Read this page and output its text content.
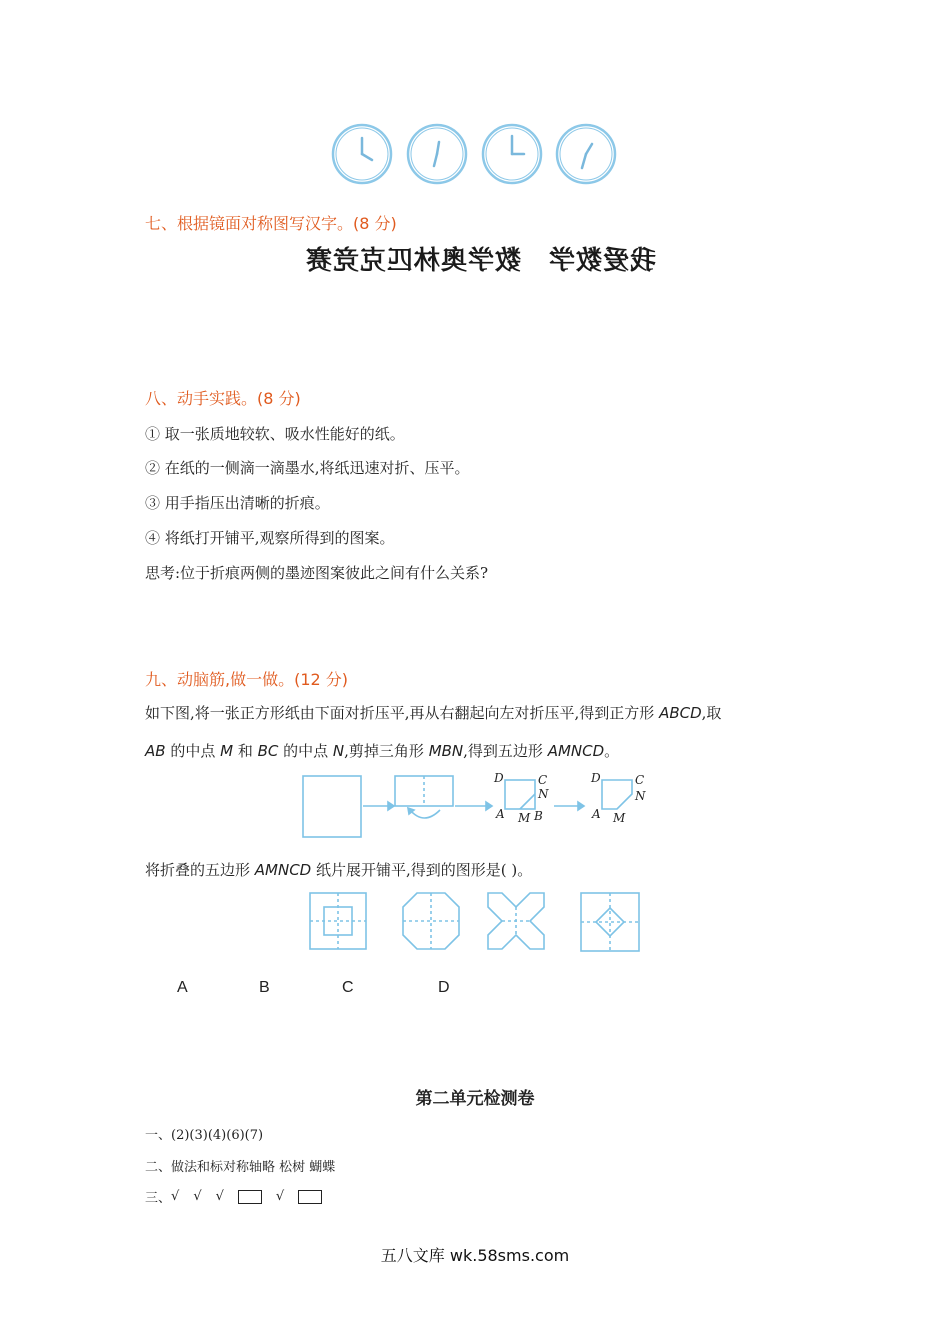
七、根据镜面对称图写汉字。(8 分)
数学奥林匹克竞赛 我爱数学
八、动手实践。(8 分)
① 取一张质地较软、吸水性能好的纸。
② 在纸的一侧滴一滴墨水,将纸迅速对折、压平。
③ 用手指压出清晰的折痕。
④ 将纸打开铺平,观察所得到的图案。
思考:位于折痕两侧的墨迹图案彼此之间有什么关系?
九、动脑筋,做一做。(12 分)
如下图,将一张正方形纸由下面对折压平,再从右翻起向左对折压平,得到正方形 ABCD,取
AB 的中点 M 和 BC 的中点 N,剪掉三角形 MBN,得到五边形 AMNCD。
D	C
N
A M B
D	C
N
A M
将折叠的五边形 AMNCD 纸片展开铺平,得到的图形是( )。
A	B	C	D
第二单元检测卷
一、(2)(3)(4)(6)(7)
二、做法和标对称轴略 松树 蝴蝶
三、 √ √ √	√
五八文库 wk.58sms.com
